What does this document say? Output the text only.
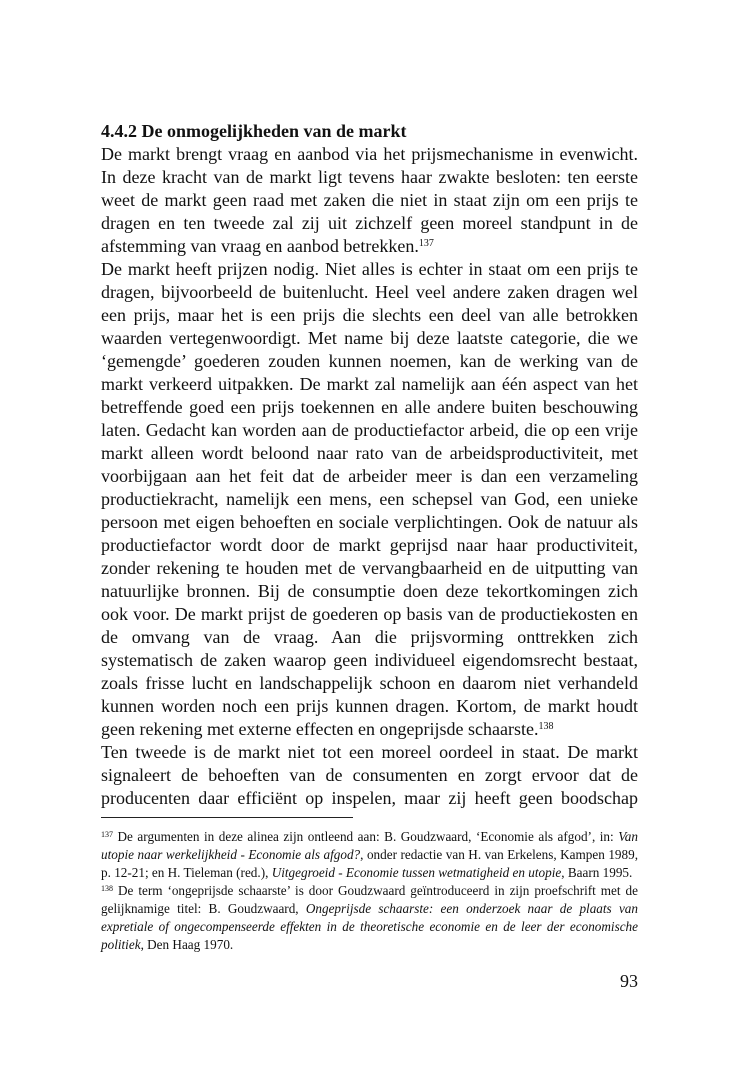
4.4.2 De onmogelijkheden van de markt

De markt brengt vraag en aanbod via het prijsmechanisme in evenwicht. In deze kracht van de markt ligt tevens haar zwakte besloten: ten eerste weet de markt geen raad met zaken die niet in staat zijn om een prijs te dragen en ten tweede zal zij uit zichzelf geen moreel standpunt in de afstemming van vraag en aanbod betrekken.$^{137}$

De markt heeft prijzen nodig. Niet alles is echter in staat om een prijs te dragen, bijvoorbeeld de buitenlucht. Heel veel andere zaken dragen wel een prijs, maar het is een prijs die slechts een deel van alle betrokken waarden vertegenwoordigt. Met name bij deze laatste categorie, die we ‘gemengde’ goederen zouden kunnen noemen, kan de werking van de markt verkeerd uitpakken. De markt zal namelijk aan één aspect van het betreffende goed een prijs toekennen en alle andere buiten beschouwing laten. Gedacht kan worden aan de productiefactor arbeid, die op een vrije markt alleen wordt beloond naar rato van de arbeidsproductiviteit, met voorbijgaan aan het feit dat de arbeider meer is dan een verzameling productiekracht, namelijk een mens, een schepsel van God, een unieke persoon met eigen behoeften en sociale verplichtingen. Ook de natuur als productiefactor wordt door de markt geprijsd naar haar productiviteit, zonder rekening te houden met de vervangbaarheid en de uitputting van natuurlijke bronnen. Bij de consumptie doen deze tekortkomingen zich ook voor. De markt prijst de goederen op basis van de productiekosten en de omvang van de vraag. Aan die prijsvorming onttrekken zich systematisch de zaken waarop geen individueel eigendomsrecht bestaat, zoals frisse lucht en landschappelijk schoon en daarom niet verhandeld kunnen worden noch een prijs kunnen dragen. Kortom, de markt houdt geen rekening met externe effecten en ongeprijsde schaarste.$^{138}$

Ten tweede is de markt niet tot een moreel oordeel in staat. De markt signaleert de behoeften van de consumenten en zorgt ervoor dat de producenten daar efficiënt op inspelen, maar zij heeft geen boodschap

$^{137}$ De argumenten in deze alinea zijn ontleend aan: B. Goudzwaard, ‘Economie als afgod’, in: Van utopie naar werkelijkheid - Economie als afgod?, onder redactie van H. van Erkelens, Kampen 1989, p. 12-21; en H. Tieleman (red.), Uitgegroeid - Economie tussen wetmatigheid en utopie, Baarn 1995.

$^{138}$ De term ‘ongeprijsde schaarste’ is door Goudzwaard geïntroduceerd in zijn proefschrift met de gelijknamige titel: B. Goudzwaard, Ongeprijsde schaarste: een onderzoek naar de plaats van expretiale of ongecompenseerde effekten in de theoretische economie en de leer der economische politiek, Den Haag 1970.

93
